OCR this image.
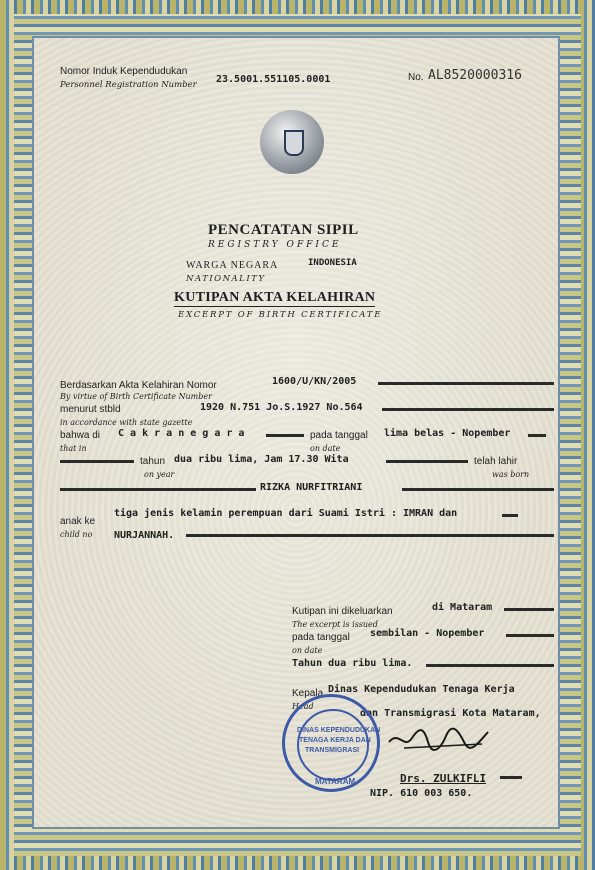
Nomor Induk Kependudukan
Personnel Registration Number 23.5001.551105.0001	No. AL8520000316
PENCATATAN SIPIL
REGISTRY OFFICE
WARGA NEGARA	INDONESIA
NATIONALITY
KUTIPAN AKTA KELAHIRAN
EXCERPT OF BIRTH CERTIFICATE
Berdasarkan Akta Kelahiran Nomor	1600/U/KN/2005
By virtue of Birth Certificate Number
menurut stbld	1920 N.751 Jo.S.1927 No.564
in accordance with state gazette
bahwa di C a k r a n e g a r a	pada tanggal lima belas - Nopember
that in	on date
tahun dua ribu lima, Jam 17.30 Wita	telah lahir
on year	was born
RIZKA NURFITRIANI
anak ke
tiga jenis kelamin perempuan dari Suami Istri : IMRAN dan
child no NURJANNAH.
Kutipan ini dikeluarkan	di Mataram
The excerpt is issued
pada tanggal sembilan - Nopember
on date
Tahun dua ribu lima.
Kepala Dinas Kependudukan Tenaga Kerja
Head
dan Transmigrasi Kota Mataram,
Drs. ZULKIFLI
NIP. 610 003 650.
DINAS KEPENDUDUKAN
TENAGA KERJA DAN
TRANSMIGRASI
MATARAM
